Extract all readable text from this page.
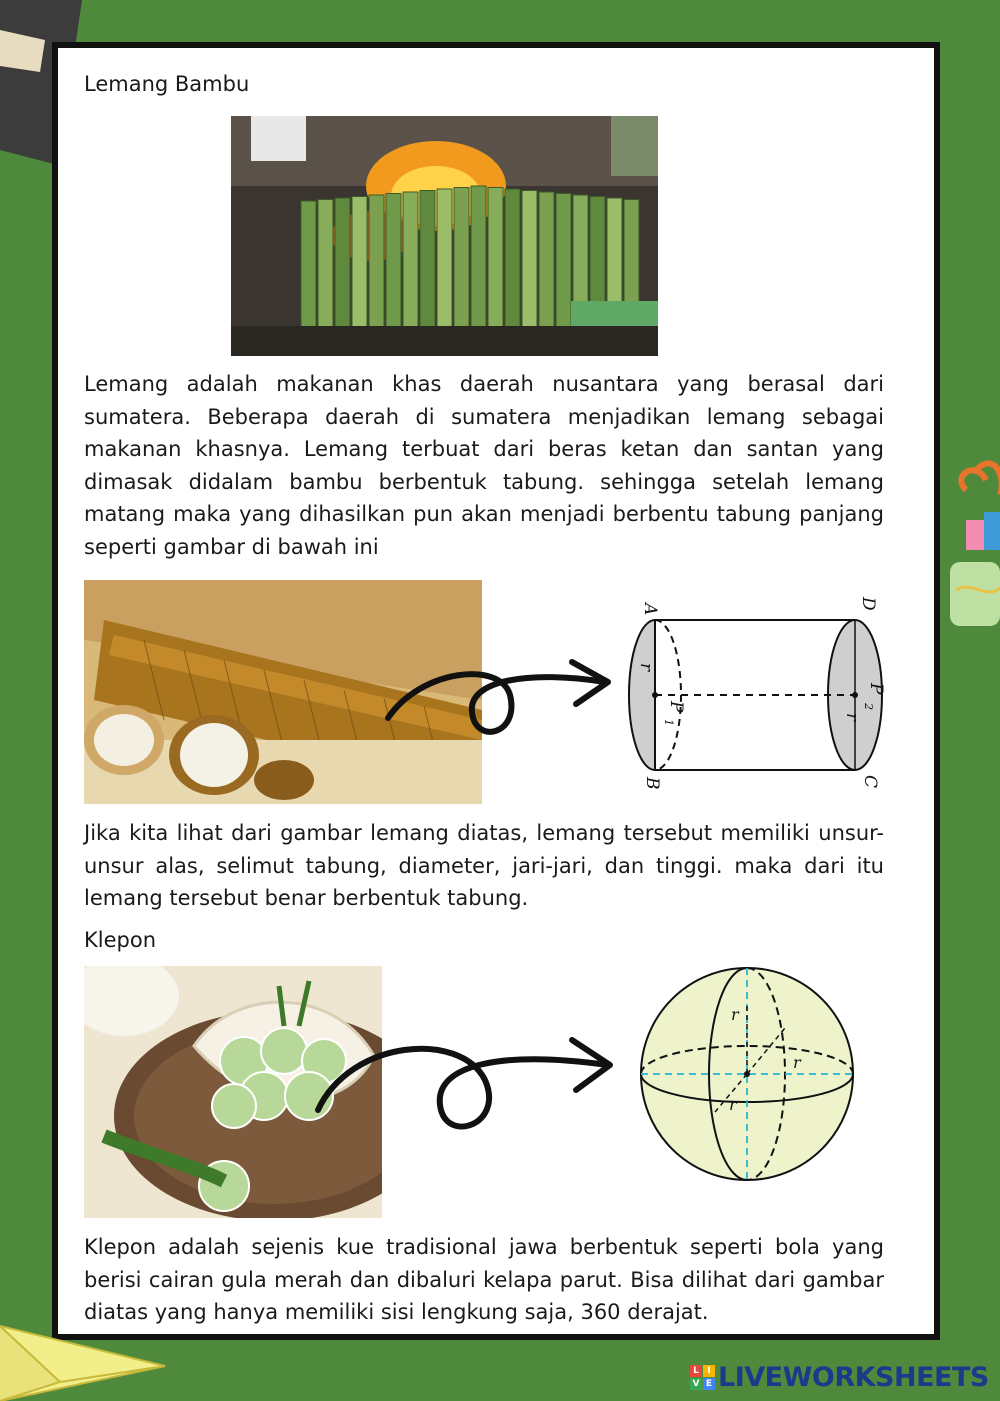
Lemang Bambu
Lemang adalah makanan khas daerah nusantara yang berasal dari sumatera. Beberapa daerah di sumatera menjadikan lemang sebagai makanan khasnya. Lemang terbuat dari beras ketan dan santan yang dimasak didalam bambu berbentuk tabung. sehingga setelah lemang matang maka yang dihasilkan pun akan menjadi berbentu tabung panjang seperti gambar di bawah ini
A
B
D
C
r
r
P
1
P
2
Jika kita lihat dari gambar lemang diatas, lemang tersebut memiliki unsur-unsur alas, selimut tabung, diameter, jari-jari, dan tinggi. maka dari itu lemang tersebut benar berbentuk tabung.
Klepon
r
r
r
Klepon adalah sejenis kue tradisional jawa berbentuk seperti bola yang berisi cairan gula merah dan dibaluri kelapa parut. Bisa dilihat dari gambar diatas yang hanya memiliki sisi lengkung saja, 360 derajat.
L I
V E LIVEWORKSHEETS
